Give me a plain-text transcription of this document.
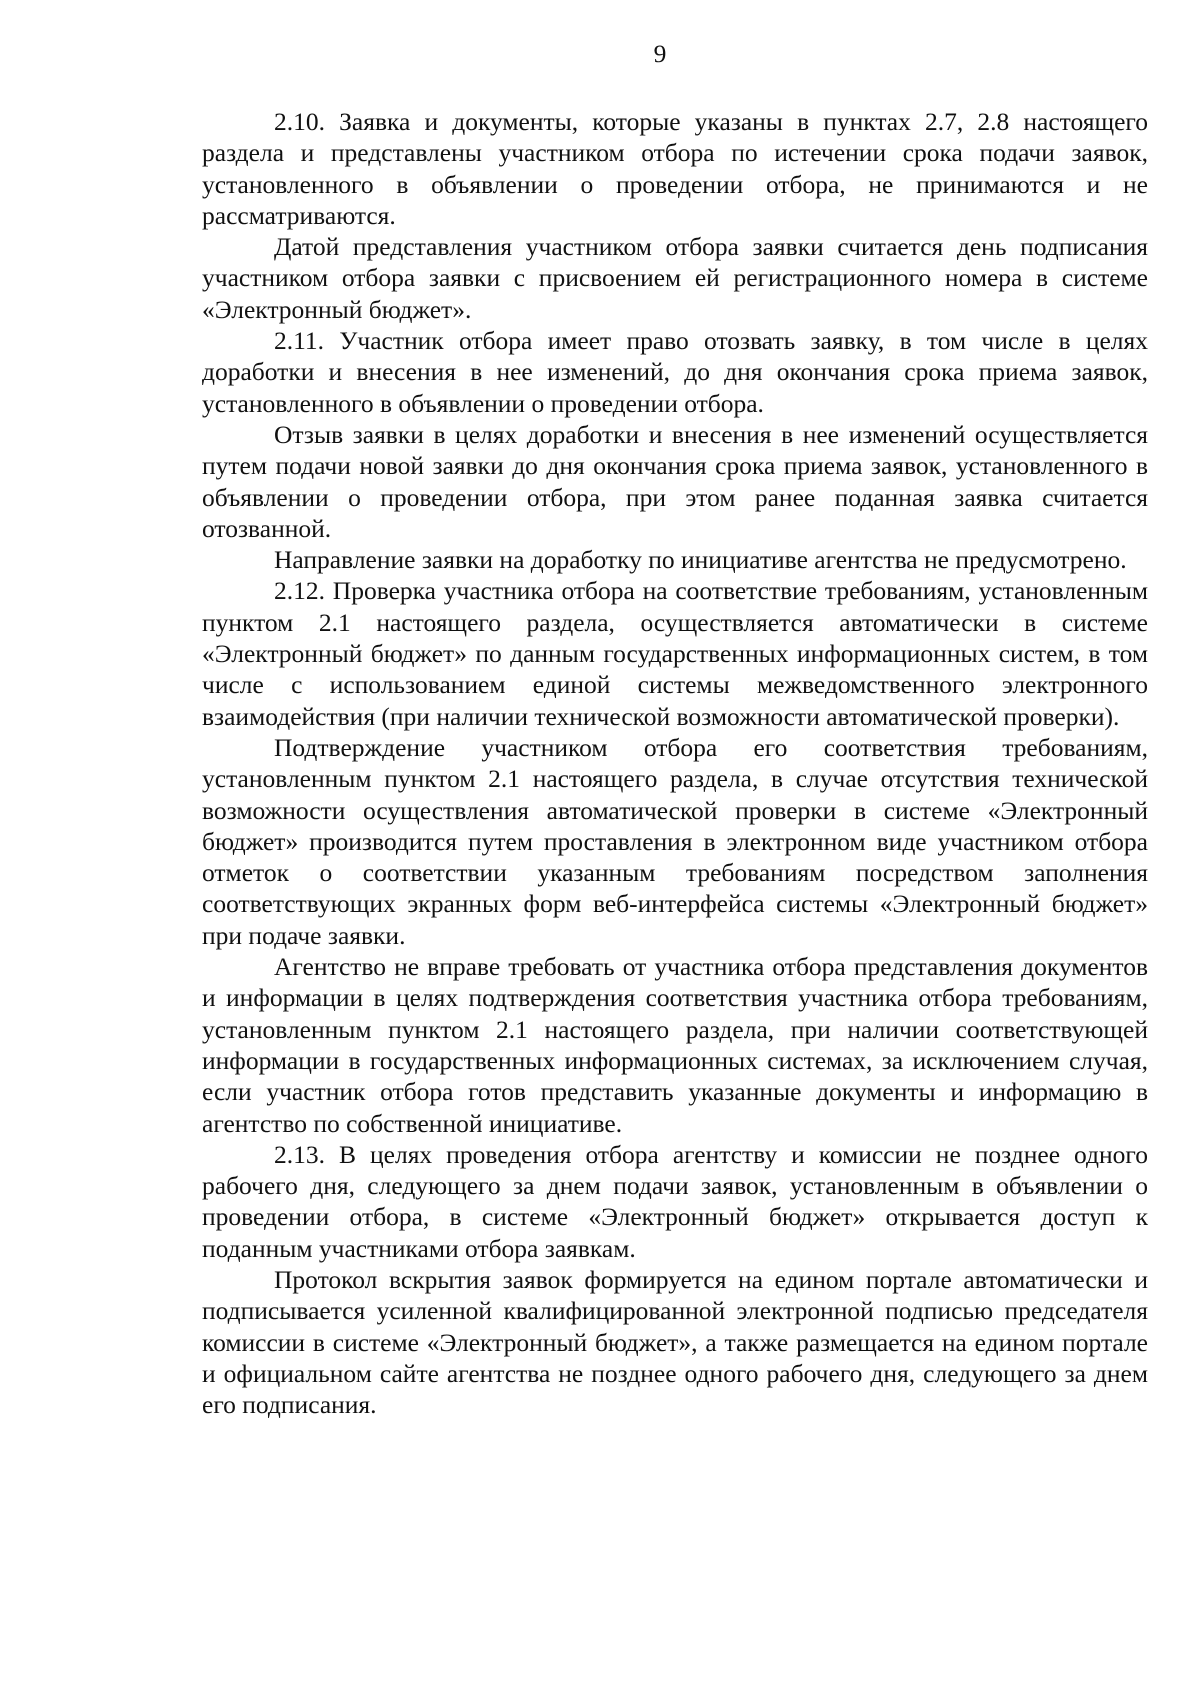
9

2.10. Заявка и документы, которые указаны в пунктах 2.7, 2.8 настоящего раздела и представлены участником отбора по истечении срока подачи заявок, установленного в объявлении о проведении отбора, не принимаются и не рассматриваются.

Датой представления участником отбора заявки считается день подписания участником отбора заявки с присвоением ей регистрационного номера в системе «Электронный бюджет».

2.11. Участник отбора имеет право отозвать заявку, в том числе в целях доработки и внесения в нее изменений, до дня окончания срока приема заявок, установленного в объявлении о проведении отбора.

Отзыв заявки в целях доработки и внесения в нее изменений осуществляется путем подачи новой заявки до дня окончания срока приема заявок, установленного в объявлении о проведении отбора, при этом ранее поданная заявка считается отозванной.

Направление заявки на доработку по инициативе агентства не предусмотрено.

2.12. Проверка участника отбора на соответствие требованиям, установленным пунктом 2.1 настоящего раздела, осуществляется автоматически в системе «Электронный бюджет» по данным государственных информационных систем, в том числе с использованием единой системы межведомственного электронного взаимодействия (при наличии технической возможности автоматической проверки).

Подтверждение участником отбора его соответствия требованиям, установленным пунктом 2.1 настоящего раздела, в случае отсутствия технической возможности осуществления автоматической проверки в системе «Электронный бюджет» производится путем проставления в электронном виде участником отбора отметок о соответствии указанным требованиям посредством заполнения соответствующих экранных форм веб-интерфейса системы «Электронный бюджет» при подаче заявки.

Агентство не вправе требовать от участника отбора представления документов и информации в целях подтверждения соответствия участника отбора требованиям, установленным пунктом 2.1 настоящего раздела, при наличии соответствующей информации в государственных информационных системах, за исключением случая, если участник отбора готов представить указанные документы и информацию в агентство по собственной инициативе.

2.13. В целях проведения отбора агентству и комиссии не позднее одного рабочего дня, следующего за днем подачи заявок, установленным в объявлении о проведении отбора, в системе «Электронный бюджет» открывается доступ к поданным участниками отбора заявкам.

Протокол вскрытия заявок формируется на едином портале автоматически и подписывается усиленной квалифицированной электронной подписью председателя комиссии в системе «Электронный бюджет», а также размещается на едином портале и официальном сайте агентства не позднее одного рабочего дня, следующего за днем его подписания.
